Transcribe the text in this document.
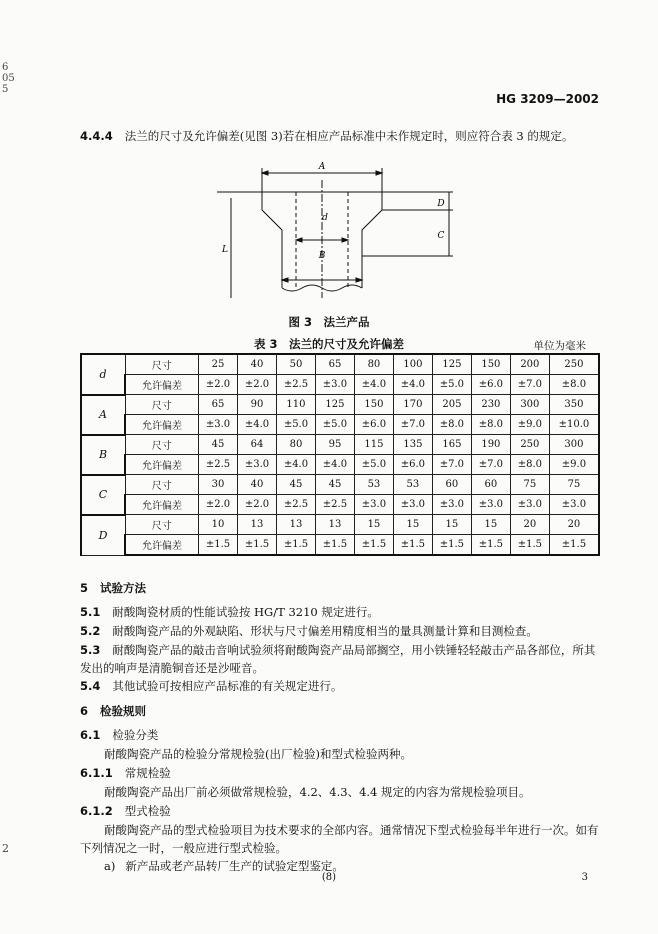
6
05
5
2
HG 3209—2002
4.4.4 法兰的尺寸及允许偏差(见图 3)若在相应产品标准中未作规定时，则应符合表 3 的规定。
A
d
B
D
C
L
图 3　法兰产品
表 3　法兰的尺寸及允许偏差	单位为毫米
d	尺寸	25	40	50	65	80	100	125	150	200	250
	允许偏差	±2.0	±2.0	±2.5	±3.0	±4.0	±4.0	±5.0	±6.0	±7.0	±8.0
A	尺寸	65	90	110	125	150	170	205	230	300	350
	允许偏差	±3.0	±4.0	±5.0	±5.0	±6.0	±7.0	±8.0	±8.0	±9.0	±10.0
B	尺寸	45	64	80	95	115	135	165	190	250	300
	允许偏差	±2.5	±3.0	±4.0	±4.0	±5.0	±6.0	±7.0	±7.0	±8.0	±9.0
C	尺寸	30	40	45	45	53	53	60	60	75	75
	允许偏差	±2.0	±2.0	±2.5	±2.5	±3.0	±3.0	±3.0	±3.0	±3.0	±3.0
D	尺寸	10	13	13	13	15	15	15	15	20	20
	允许偏差	±1.5	±1.5	±1.5	±1.5	±1.5	±1.5	±1.5	±1.5	±1.5	±1.5
5 试验方法
5.1 耐酸陶瓷材质的性能试验按 HG/T 3210 规定进行。
5.2 耐酸陶瓷产品的外观缺陷、形状与尺寸偏差用精度相当的量具测量计算和目测检查。
5.3 耐酸陶瓷产品的敲击音响试验须将耐酸陶瓷产品局部搁空，用小铁锤轻轻敲击产品各部位，所其发出的响声是清脆铜音还是沙哑音。
5.4 其他试验可按相应产品标准的有关规定进行。
6 检验规则
6.1 检验分类
耐酸陶瓷产品的检验分常规检验(出厂检验)和型式检验两种。
6.1.1 常规检验
耐酸陶瓷产品出厂前必须做常规检验，4.2、4.3、4.4 规定的内容为常规检验项目。
6.1.2 型式检验
耐酸陶瓷产品的型式检验项目为技术要求的全部内容。通常情况下型式检验每半年进行一次。如有下列情况之一时，一般应进行型式检验。
a) 新产品或老产品转厂生产的试验定型鉴定。
(8)	3
